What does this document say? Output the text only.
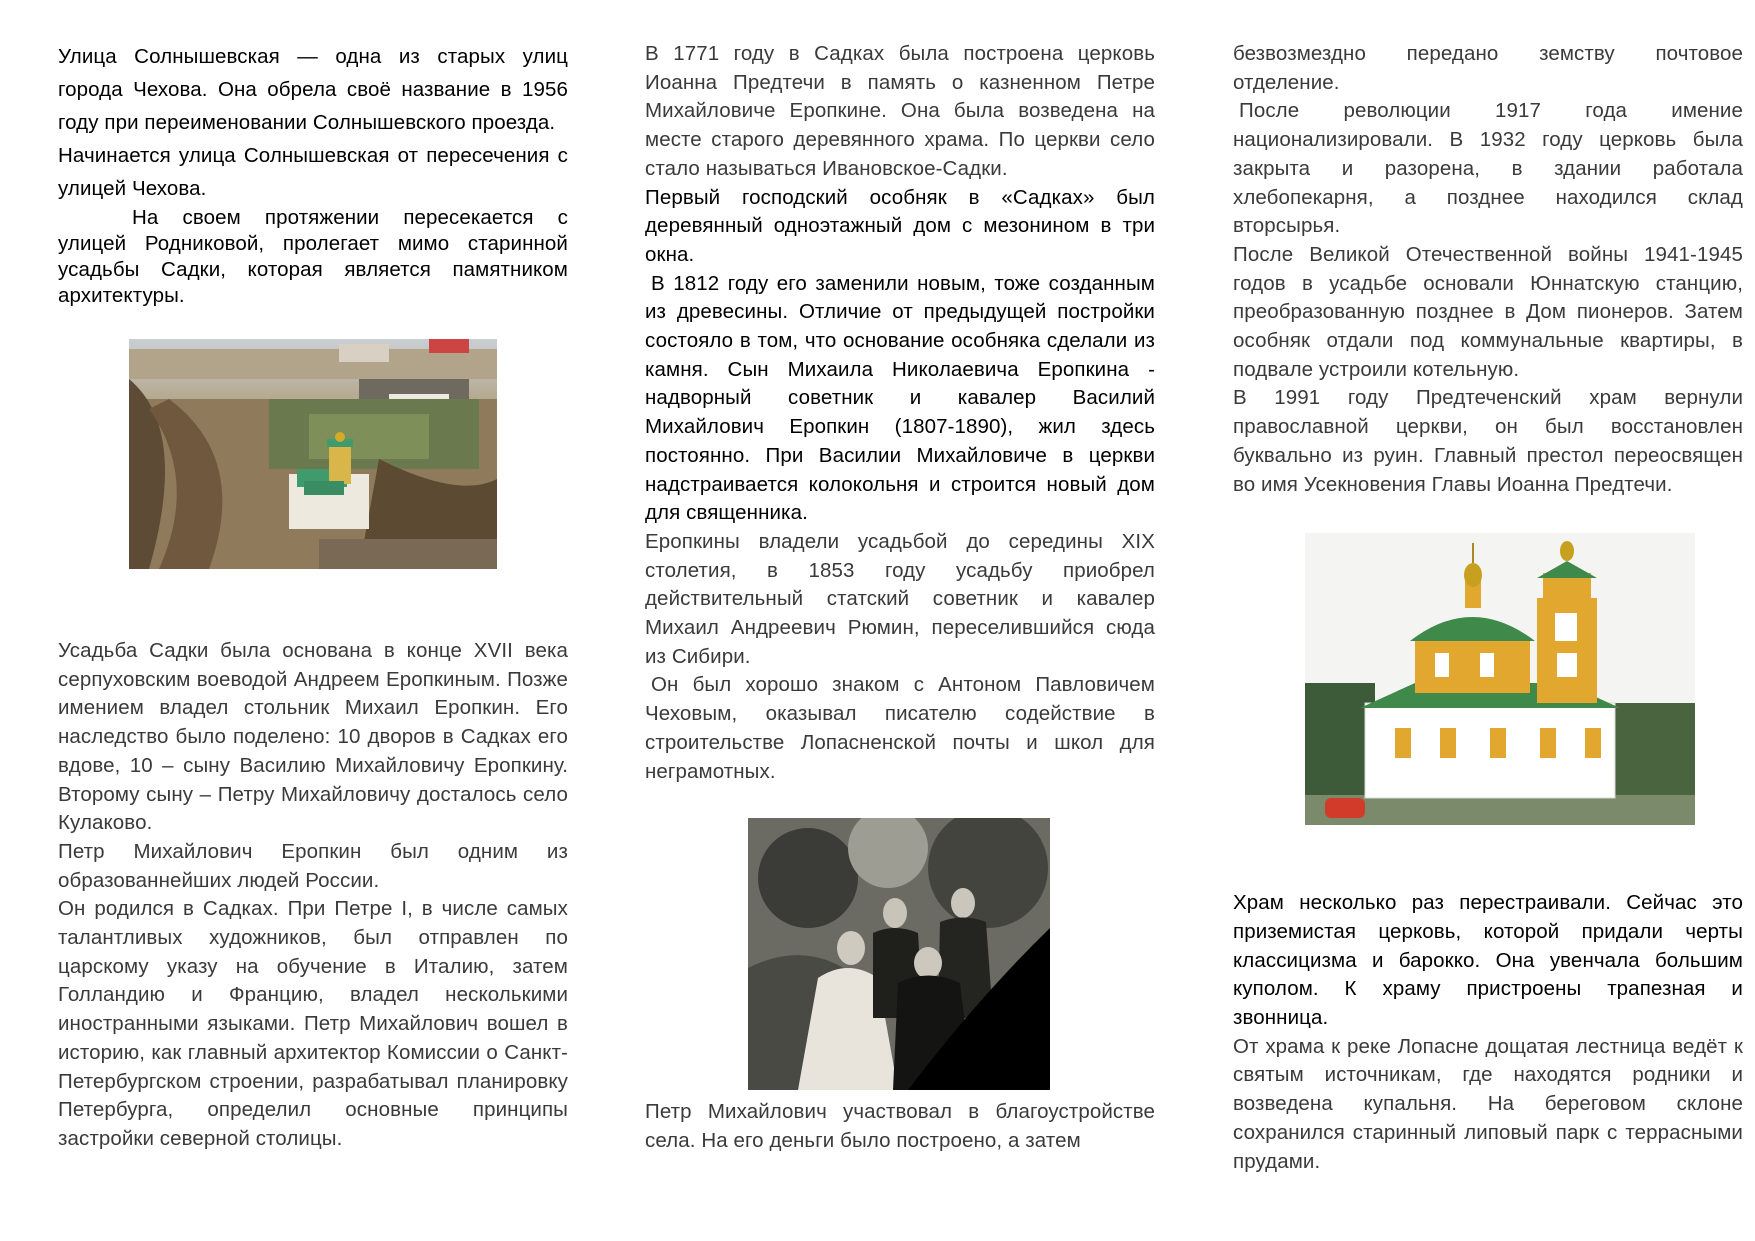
Улица Солнышевская — одна из старых улиц города Чехова. Она обрела своё название в 1956 году при переименовании Солнышевского проезда.

Начинается улица Солнышевская от пересечения с улицей Чехова.

На своем протяжении пересекается с улицей Родниковой, пролегает мимо старинной усадьбы Садки, которая является памятником архитектуры.

Усадьба Садки была основана в конце XVII века серпуховским воеводой Андреем Еропкиным. Позже имением владел стольник Михаил Еропкин. Его наследство было поделено: 10 дворов в Садках его вдове, 10 – сыну Василию Михайловичу Еропкину. Второму сыну – Петру Михайловичу досталось село Кулаково.

Петр Михайлович Еропкин был одним из образованнейших людей России.

Он родился в Садках. При Петре I, в числе самых талантливых художников, был отправлен по царскому указу на обучение в Италию, затем Голландию и Францию, владел несколькими иностранными языками. Петр Михайлович вошел в историю, как главный архитектор Комиссии о Санкт-Петербургском строении, разрабатывал планировку Петербурга, определил основные принципы застройки северной столицы.

В 1771 году в Садках была построена церковь Иоанна Предтечи в память о казненном Петре Михайловиче Еропкине. Она была возведена на месте старого деревянного храма. По церкви село стало называться Ивановское-Садки.

Первый господский особняк в «Садках» был деревянный одноэтажный дом с мезонином в три окна.

В 1812 году его заменили новым, тоже созданным из древесины. Отличие от предыдущей постройки состояло в том, что основание особняка сделали из камня. Сын Михаила Николаевича Еропкина - надворный советник и кавалер Василий Михайлович Еропкин (1807-1890), жил здесь постоянно. При Василии Михайловиче в церкви надстраивается колокольня и строится новый дом для священника.

Еропкины владели усадьбой до середины XIX столетия, в 1853 году усадьбу приобрел действительный статский советник и кавалер Михаил Андреевич Рюмин, переселившийся сюда из Сибири.

Он был хорошо знаком с Антоном Павловичем Чеховым, оказывал писателю содействие в строительстве Лопасненской почты и школ для неграмотных.

Петр Михайлович участвовал в благоустройстве села. На его деньги было построено, а затем

безвозмездно передано земству почтовое отделение.

После революции 1917 года имение национализировали. В 1932 году церковь была закрыта и разорена, в здании работала хлебопекарня, а позднее находился склад вторсырья.

После Великой Отечественной войны 1941-1945 годов в усадьбе основали Юннатскую станцию, преобразованную позднее в Дом пионеров. Затем особняк отдали под коммунальные квартиры, в подвале устроили котельную.

В 1991 году Предтеченский храм вернули православной церкви, он был восстановлен буквально из руин. Главный престол переосвящен во имя Усекновения Главы Иоанна Предтечи.

Храм несколько раз перестраивали. Сейчас это приземистая церковь, которой придали черты классицизма и барокко. Она увенчала большим куполом. К храму пристроены трапезная и звонница.

От храма к реке Лопасне дощатая лестница ведёт к святым источникам, где находятся родники и возведена купальня. На береговом склоне сохранился старинный липовый парк с террасными прудами.
